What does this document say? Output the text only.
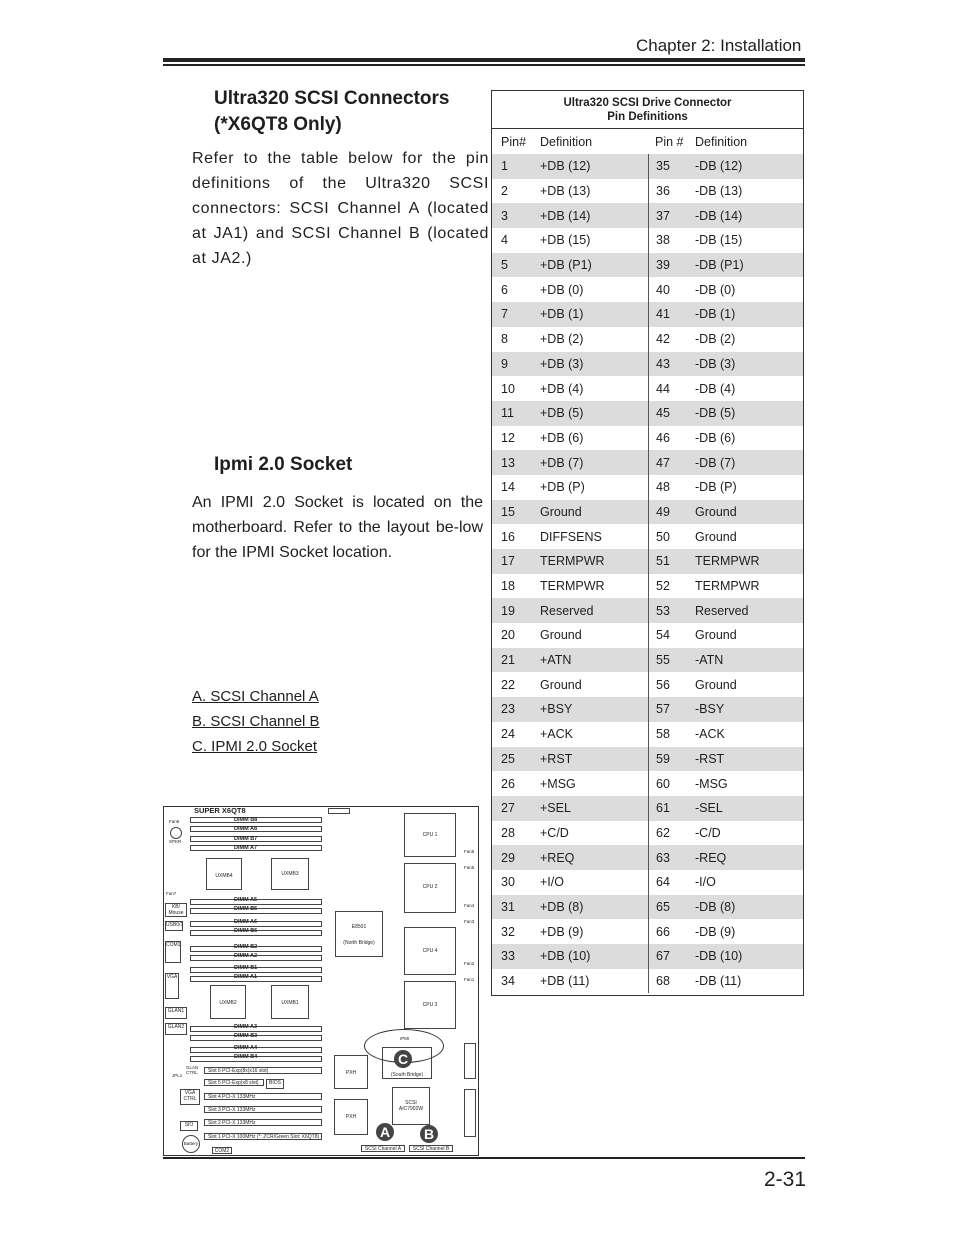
Chapter 2: Installation
Ultra320 SCSI Connectors (*X6QT8 Only)
Refer to the table below for the pin definitions of the Ultra320 SCSI connectors: SCSI Channel A (located at JA1) and SCSI Channel B (located at JA2.)
Ipmi 2.0 Socket
An IPMI 2.0 Socket is located on the motherboard. Refer to the layout be-low for the IPMI Socket location.
A. SCSI Channel A
B. SCSI Channel B
C. IPMI 2.0 Socket
Ultra320 SCSI Drive Connector
Pin Definitions
Pin#	Definition	Pin # Definition
1	+DB (12)	35	-DB (12)
2	+DB (13)	36	-DB (13)
3	+DB (14)	37	-DB (14)
4	+DB (15)	38	-DB (15)
5	+DB (P1)	39	-DB (P1)
6	+DB (0)	40	-DB (0)
7	+DB (1)	41	-DB (1)
8	+DB (2)	42	-DB (2)
9	+DB (3)	43	-DB (3)
10	+DB (4)	44	-DB (4)
11	+DB (5)	45	-DB (5)
12	+DB (6)	46	-DB (6)
13	+DB (7)	47	-DB (7)
14	+DB (P)	48	-DB (P)
15	Ground	49	Ground
16	DIFFSENS	50	Ground
17	TERMPWR	51	TERMPWR
18	TERMPWR	52	TERMPWR
19	Reserved	53	Reserved
20	Ground	54	Ground
21	+ATN	55	-ATN
22	Ground	56	Ground
23	+BSY	57	-BSY
24	+ACK	58	-ACK
25	+RST	59	-RST
26	+MSG	60	-MSG
27	+SEL	61	-SEL
28	+C/D	62	-C/D
29	+REQ	63	-REQ
30	+I/O	64	-I/O
31	+DB (8)	65	-DB (8)
32	+DB (9)	66	-DB (9)
33	+DB (10)	67	-DB (10)
34	+DB (11)	68	-DB (11)
SUPER X6QT8
Fan8
SPKR
DIMM B8
DIMM A8
DIMM B7
DIMM A7
UXMB4	UXMB3
CPU 1
CPU 2
CPU 4
CPU 3
Fan7
KB/ Mouse
USB0/1
COM1
VGA
GLAN1
GLAN2
DIMM A5
DIMM B5
DIMM A6
DIMM B6
DIMM B2
DIMM A2
DIMM B1
DIMM A1
E8501
(North Bridge)
UXMB2	UXMB1
DIMM A3
DIMM B3
DIMM A4
DIMM B4
PXH
PXH
(South Bridge)
IPMI
SCSI AIC7902W
Slot 6 PCI-Exp(8x(x16 slot)
Slot 5 PCI-Exp(x8 slot)	BIOS
Slot 4 PCI-X 133MHz
Slot 3 PCI-X 133MHz
Slot 2 PCI-X 133MHz
Slot 1 PCI-X 100MHz (*: ZCR/Green Slot: X6QT8)
JPL1
GLAN CTRL
VGA CTRL
SIO
Battery
COM2	SCSI Channel A	SCSI Channel B
Fan6
Fan5
Fan4
Fan3
Fan2
Fan1
A B
C
2-31
